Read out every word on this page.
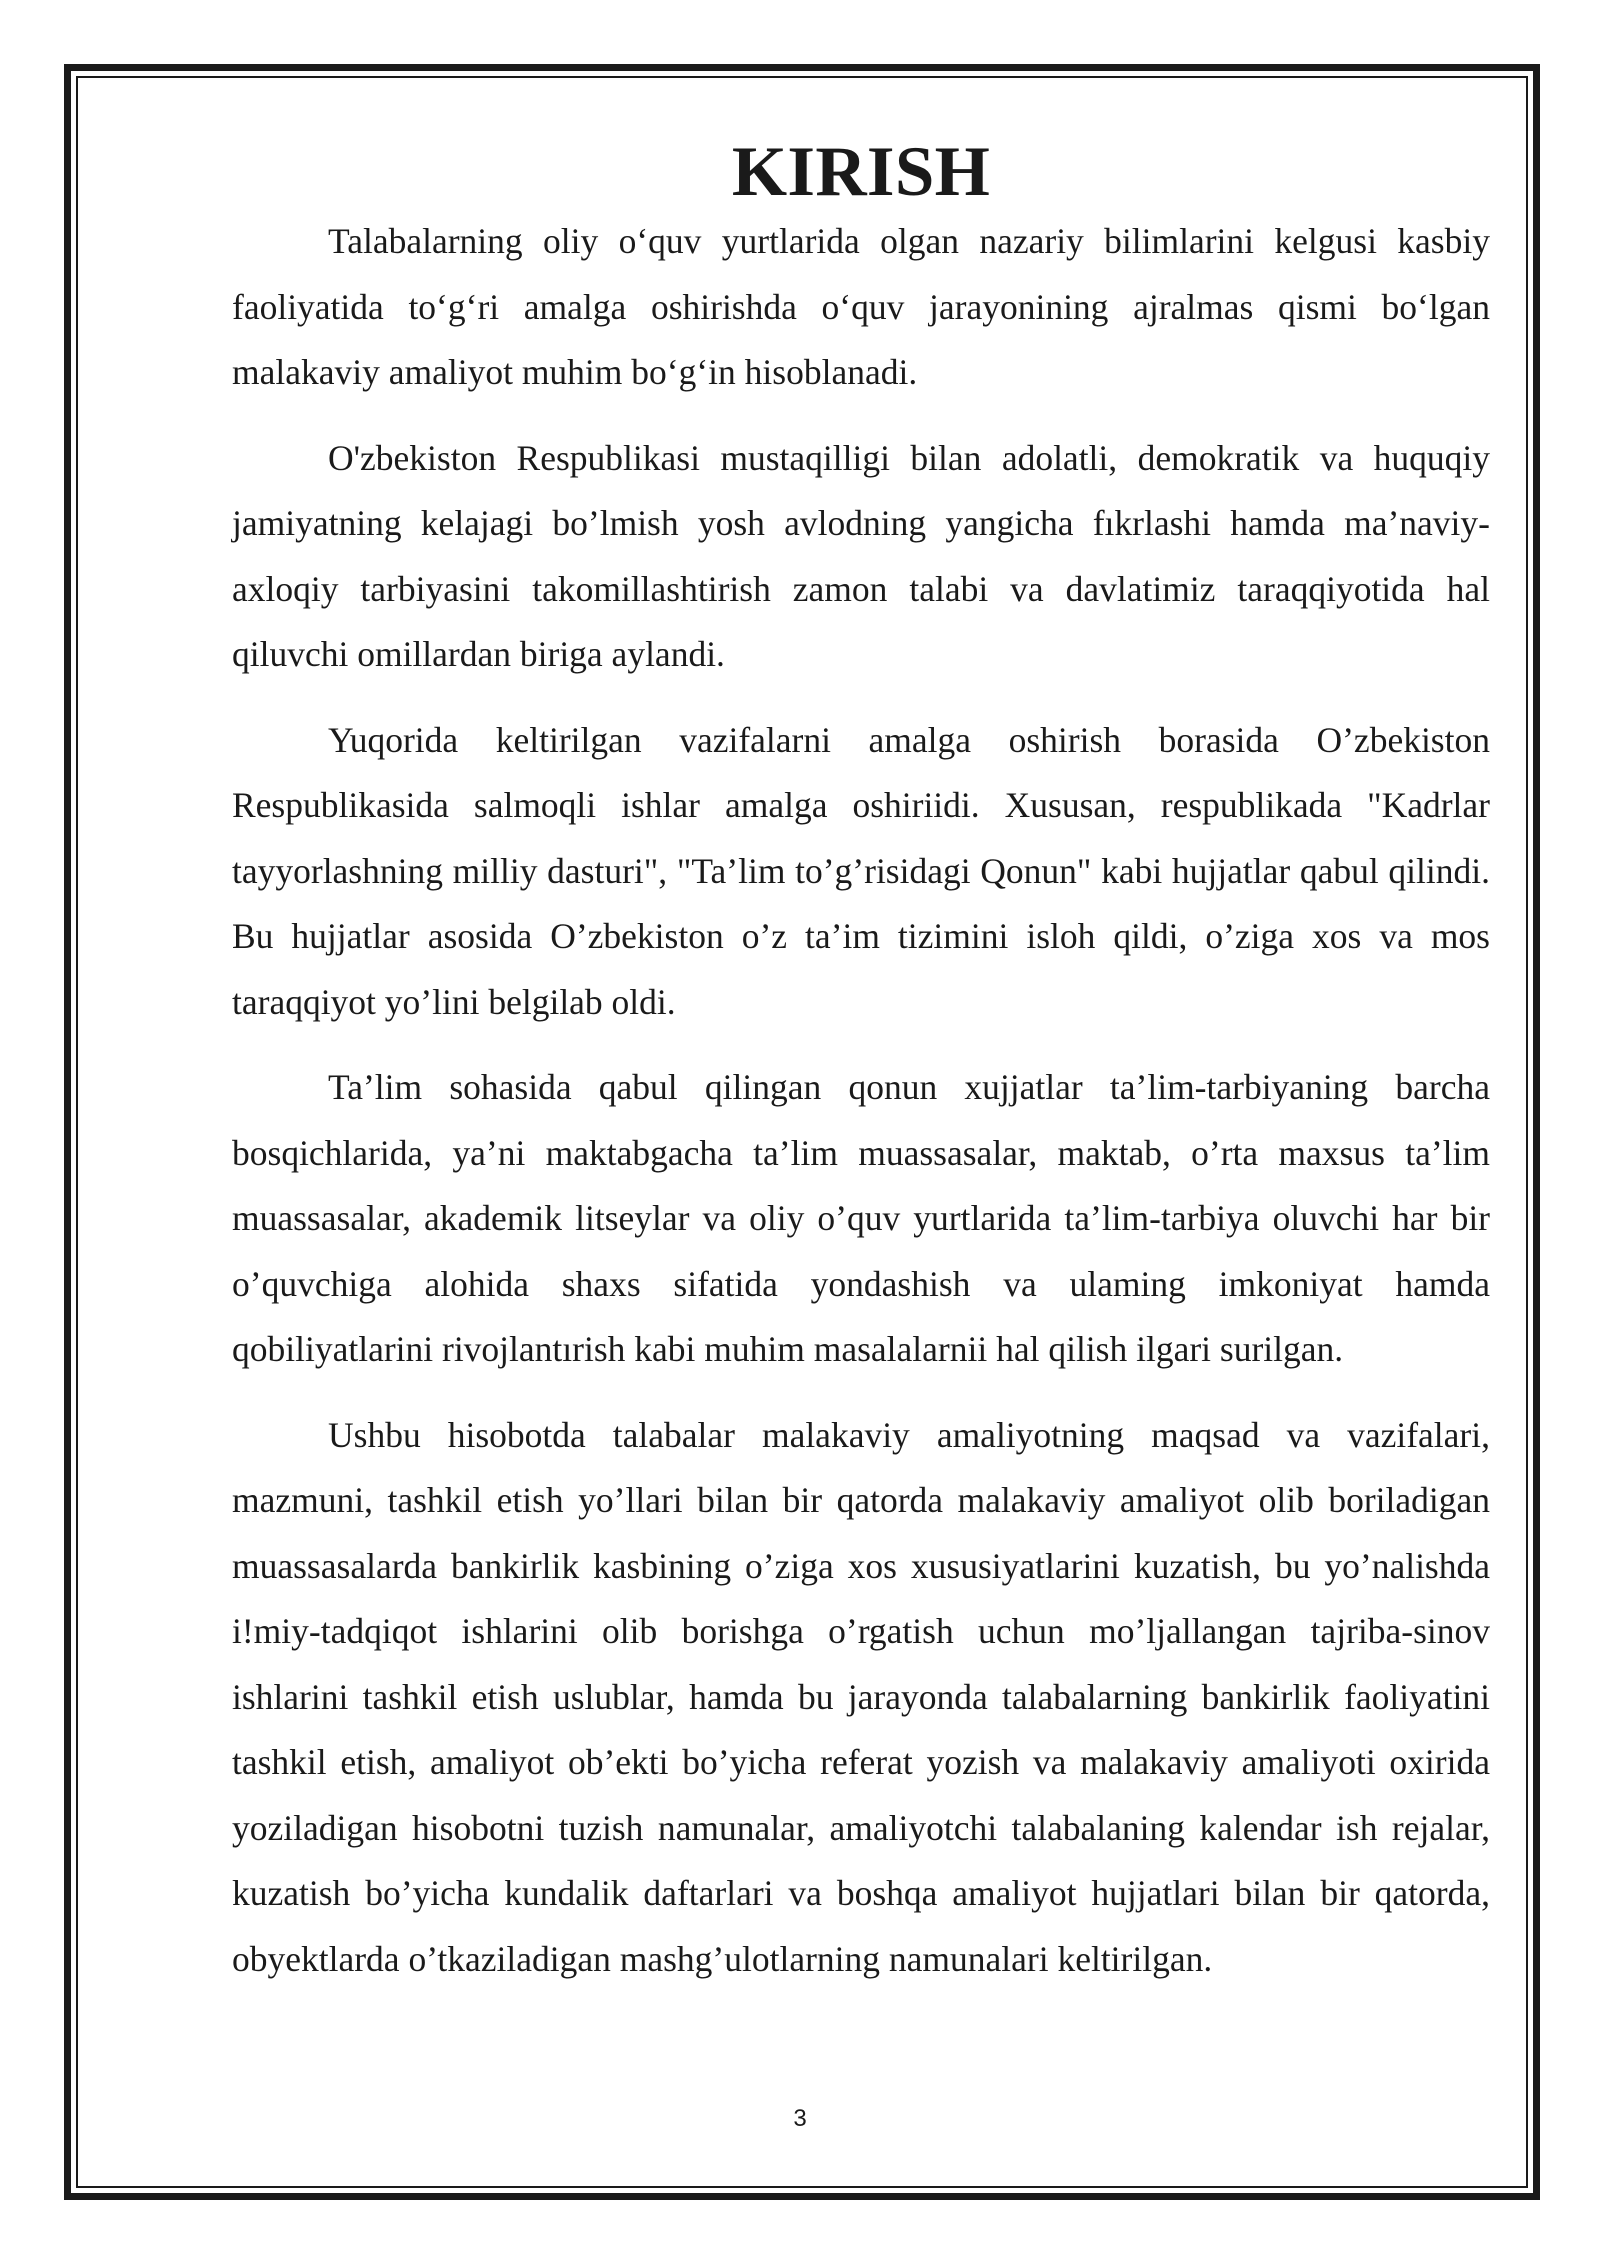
KIRISH

Talabalarning oliy o‘quv yurtlarida olgan nazariy bilimlarini kelgusi kasbiy faoliyatida to‘g‘ri amalga oshirishda o‘quv jarayonining ajralmas qismi bo‘lgan malakaviy amaliyot muhim bo‘g‘in hisoblanadi.

O'zbekiston Respublikasi mustaqilligi bilan adolatli, demokratik va huquqiy jamiyatning kelajagi bo’lmish yosh avlodning yangicha fıkrlashi hamda ma’naviy-axloqiy tarbiyasini takomillashtirish zamon talabi va davlatimiz taraqqiyotida hal qiluvchi omillardan biriga aylandi.

Yuqorida keltirilgan vazifalarni amalga oshirish borasida O’zbekiston Respublikasida salmoqli ishlar amalga oshiriidi. Xususan, respublikada "Kadrlar tayyorlashning milliy dasturi", "Ta’lim to’g’risidagi Qonun" kabi hujjatlar qabul qilindi. Bu hujjatlar asosida O’zbekiston o’z ta’im tizimini isloh qildi, o’ziga xos va mos taraqqiyot yo’lini belgilab oldi.

Ta’lim sohasida qabul qilingan qonun xujjatlar ta’lim-tarbiyaning barcha bosqichlarida, ya’ni maktabgacha ta’lim muassasalar, maktab, o’rta maxsus ta’lim muassasalar, akademik litseylar va oliy o’quv yurtlarida ta’lim-tarbiya oluvchi har bir o’quvchiga alohida shaxs sifatida yondashish va ulaming imkoniyat hamda qobiliyatlarini rivojlantırish kabi muhim masalalarnii hal qilish ilgari surilgan.

Ushbu hisobotda talabalar malakaviy amaliyotning maqsad va vazifalari, mazmuni, tashkil etish yo’llari bilan bir qatorda malakaviy amaliyot olib boriladigan muassasalarda bankirlik kasbining o’ziga xos xususiyatlarini kuzatish, bu yo’nalishda i!miy-tadqiqot ishlarini olib borishga o’rgatish uchun mo’ljallangan tajriba-sinov ishlarini tashkil etish uslublar, hamda bu jarayonda talabalarning bankirlik faoliyatini tashkil etish, amaliyot ob’ekti bo’yicha referat yozish va malakaviy amaliyoti oxirida yoziladigan hisobotni tuzish namunalar, amaliyotchi talabalaning kalendar ish rejalar, kuzatish bo’yicha kundalik daftarlari va boshqa amaliyot hujjatlari bilan bir qatorda, obyektlarda o’tkaziladigan mashg’ulotlarning namunalari keltirilgan.

3
